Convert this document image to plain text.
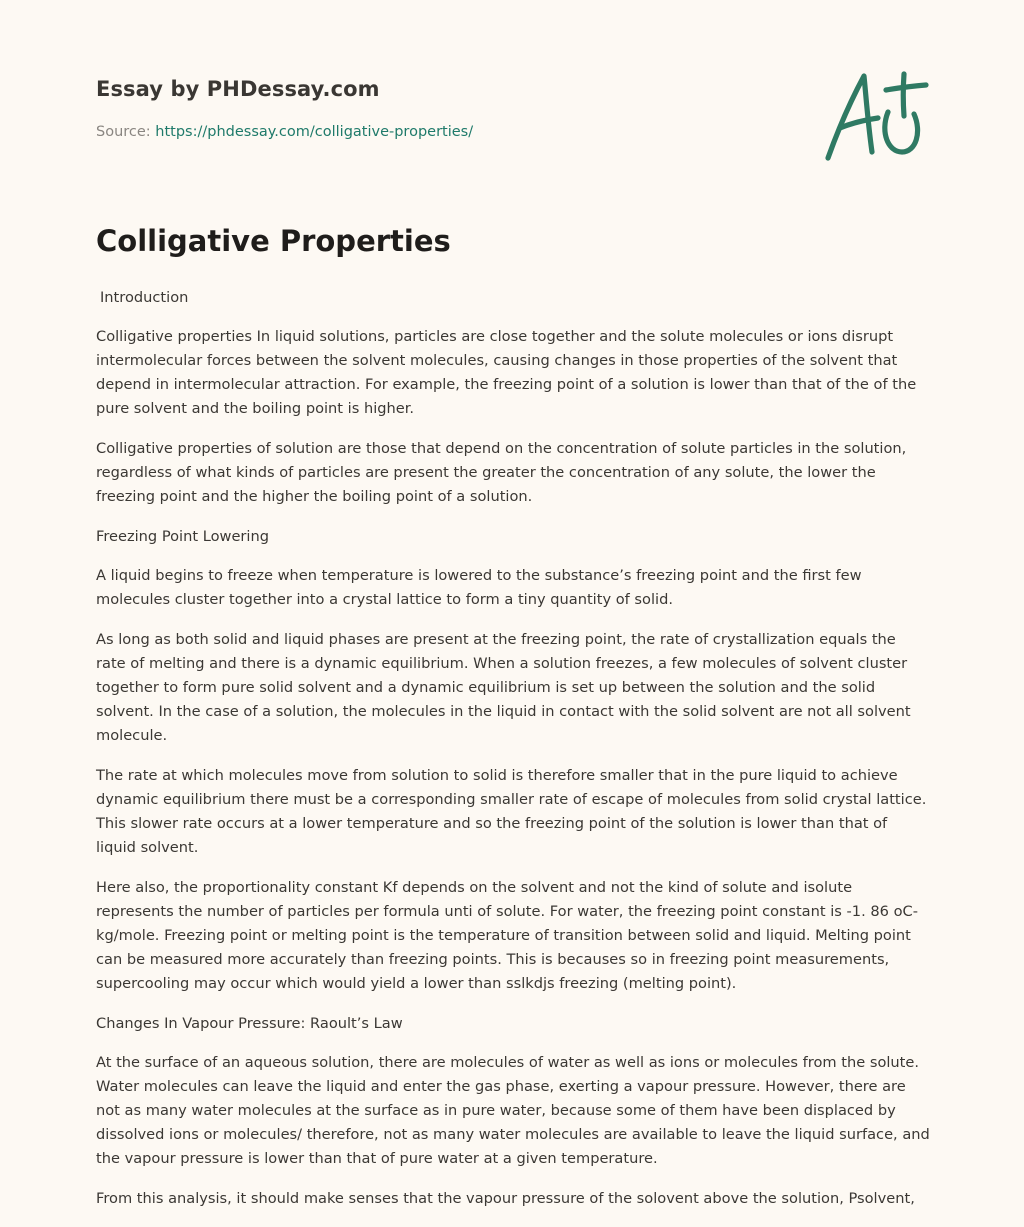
Essay by PHDessay.com
Source: https://phdessay.com/colligative-properties/
Colligative Properties

Introduction

Colligative properties In liquid solutions, particles are close together and the solute molecules or ions disrupt intermolecular forces between the solvent molecules, causing changes in those properties of the solvent that depend in intermolecular attraction. For example, the freezing point of a solution is lower than that of the of the pure solvent and the boiling point is higher.

Colligative properties of solution are those that depend on the concentration of solute particles in the solution, regardless of what kinds of particles are present the greater the concentration of any solute, the lower the freezing point and the higher the boiling point of a solution.

Freezing Point Lowering

A liquid begins to freeze when temperature is lowered to the substance’s freezing point and the first few molecules cluster together into a crystal lattice to form a tiny quantity of solid.

As long as both solid and liquid phases are present at the freezing point, the rate of crystallization equals the rate of melting and there is a dynamic equilibrium. When a solution freezes, a few molecules of solvent cluster together to form pure solid solvent and a dynamic equilibrium is set up between the solution and the solid solvent. In the case of a solution, the molecules in the liquid in contact with the solid solvent are not all solvent molecule.

The rate at which molecules move from solution to solid is therefore smaller that in the pure liquid to achieve dynamic equilibrium there must be a corresponding smaller rate of escape of molecules from solid crystal lattice. This slower rate occurs at a lower temperature and so the freezing point of the solution is lower than that of liquid solvent.

Here also, the proportionality constant Kf depends on the solvent and not the kind of solute and isolute represents the number of particles per formula unti of solute. For water, the freezing point constant is -1. 86 oC-kg/mole. Freezing point or melting point is the temperature of transition between solid and liquid. Melting point can be measured more accurately than freezing points. This is becauses so in freezing point measurements, supercooling may occur which would yield a lower than sslkdjs freezing (melting point).

Changes In Vapour Pressure: Raoult’s Law

At the surface of an aqueous solution, there are molecules of water as well as ions or molecules from the solute. Water molecules can leave the liquid and enter the gas phase, exerting a vapour pressure. However, there are not as many water molecules at the surface as in pure water, because some of them have been displaced by dissolved ions or molecules/ therefore, not as many water molecules are available to leave the liquid surface, and the vapour pressure is lower than that of pure water at a given temperature.

From this analysis, it should make senses that the vapour pressure of the solovent above the solution, Psolvent,
